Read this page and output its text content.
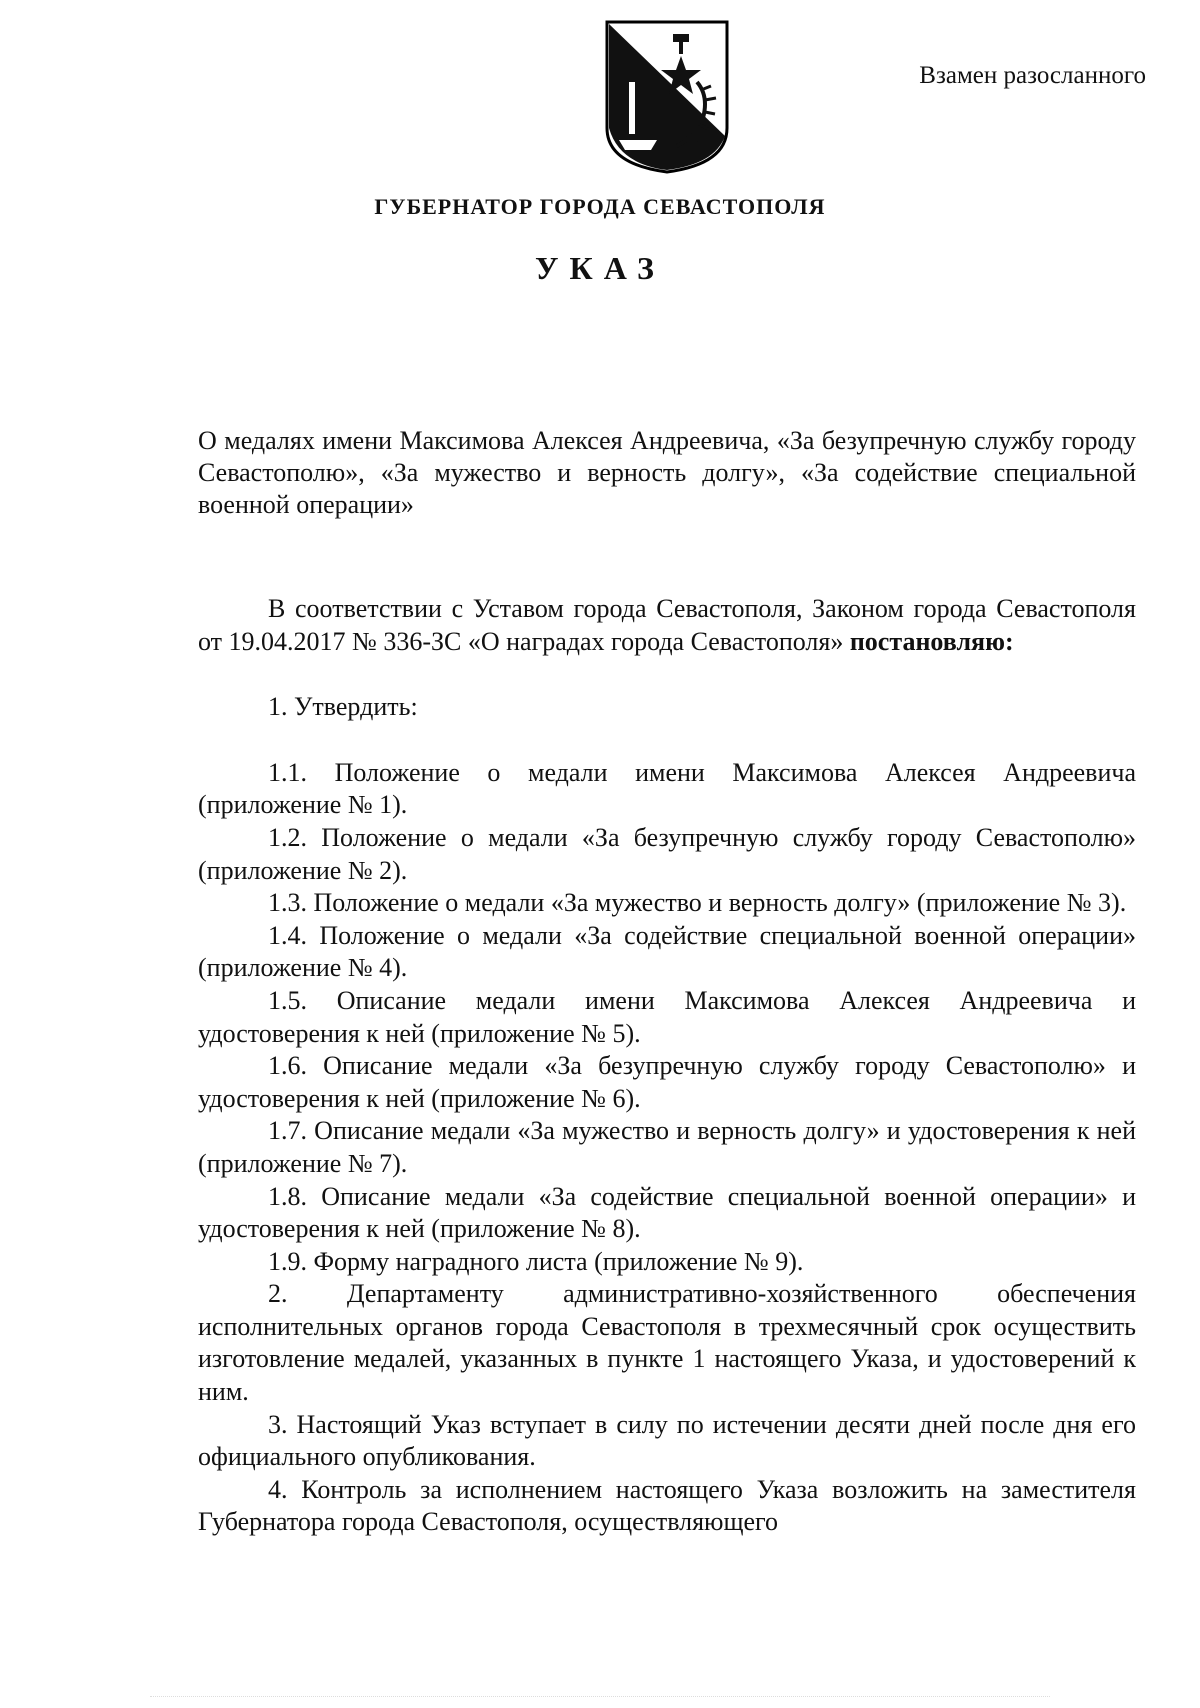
Взамен разосланного
ГУБЕРНАТОР ГОРОДА СЕВАСТОПОЛЯ
УКАЗ
О медалях имени Максимова Алексея Андреевича, «За безупречную службу городу Севастополю», «За мужество и верность долгу», «За содействие специальной военной операции»

В соответствии с Уставом города Севастополя, Законом города Севастополя от 19.04.2017 № 336-ЗС «О наградах города Севастополя» постановляю:

1. Утвердить:

1.1. Положение о медали имени Максимова Алексея Андреевича (приложение № 1).

1.2. Положение о медали «За безупречную службу городу Севастополю» (приложение № 2).

1.3. Положение о медали «За мужество и верность долгу» (приложение № 3).

1.4. Положение о медали «За содействие специальной военной операции» (приложение № 4).

1.5. Описание медали имени Максимова Алексея Андреевича и удостоверения к ней (приложение № 5).

1.6. Описание медали «За безупречную службу городу Севастополю» и удостоверения к ней (приложение № 6).

1.7. Описание медали «За мужество и верность долгу» и удостоверения к ней (приложение № 7).

1.8. Описание медали «За содействие специальной военной операции» и удостоверения к ней (приложение № 8).

1.9. Форму наградного листа (приложение № 9).

2. Департаменту административно-хозяйственного обеспечения исполнительных органов города Севастополя в трехмесячный срок осуществить изготовление медалей, указанных в пункте 1 настоящего Указа, и удостоверений к ним.

3. Настоящий Указ вступает в силу по истечении десяти дней после дня его официального опубликования.

4. Контроль за исполнением настоящего Указа возложить на заместителя Губернатора города Севастополя, осуществляющего
